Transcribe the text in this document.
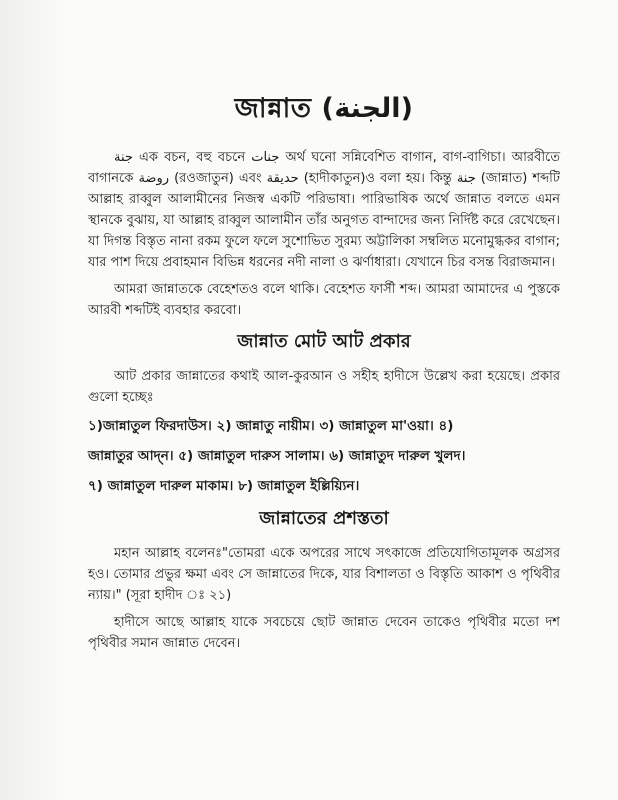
জান্নাত (الجنة)

جنة এক বচন, বহু বচনে جنات অর্থ ঘনো সন্নিবেশিত বাগান, বাগ-বাগিচা। আরবীতে বাগানকে روضة (রওজাতুন) এবং حديقة (হাদীকাতুন)ও বলা হয়। কিন্তু جنة (জান্নাত) শব্দটি আল্লাহ রাব্বুল আলামীনের নিজস্ব একটি পরিভাষা। পারিভাষিক অর্থে জান্নাত বলতে এমন স্থানকে বুঝায়, যা আল্লাহ রাব্বুল আলামীন তাঁর অনুগত বান্দাদের জন্য নির্দিষ্ট করে রেখেছেন। যা দিগন্ত বিস্তৃত নানা রকম ফুলে ফলে সুশোভিত সুরম্য অট্টালিকা সম্বলিত মনোমুগ্ধকর বাগান; যার পাশ দিয়ে প্রবাহমান বিভিন্ন ধরনের নদী নালা ও ঝর্ণাধারা। যেখানে চির বসন্ত বিরাজমান।

আমরা জান্নাতকে বেহেশতও বলে থাকি। বেহেশত ফার্সী শব্দ। আমরা আমাদের এ পুস্তকে আরবী শব্দটিই ব্যবহার করবো।

জান্নাত মোট আট প্রকার

আট প্রকার জান্নাতের কথাই আল-কুরআন ও সহীহ হাদীসে উল্লেখ করা হয়েছে। প্রকার গুলো হচ্ছেঃ

১)জান্নাতুল ফিরদাউস। ২) জান্নাতু নায়ীম। ৩) জান্নাতুল মা'ওয়া। ৪)

জান্নাতুর আদ্‌ন। ৫) জান্নাতুল দারুস সালাম। ৬) জান্নাতুদ দারুল খুলদ।

৭) জান্নাতুল দারুল মাকাম। ৮) জান্নাতুল ইল্লিয়্যিন।

জান্নাতের প্রশস্ততা

মহান আল্লাহ বলেনঃ"তোমরা একে অপরের সাথে সৎকাজে প্রতিযোগিতামূলক অগ্রসর হও। তোমার প্রভুর ক্ষমা এবং সে জান্নাতের দিকে, যার বিশালতা ও বিস্তৃতি আকাশ ও পৃথিবীর ন্যায়।" (সূরা হাদীদ ঃ ২১)

হাদীসে আছে আল্লাহ যাকে সবচেয়ে ছোট জান্নাত দেবেন তাকেও পৃথিবীর মতো দশ পৃথিবীর সমান জান্নাত দেবেন।
